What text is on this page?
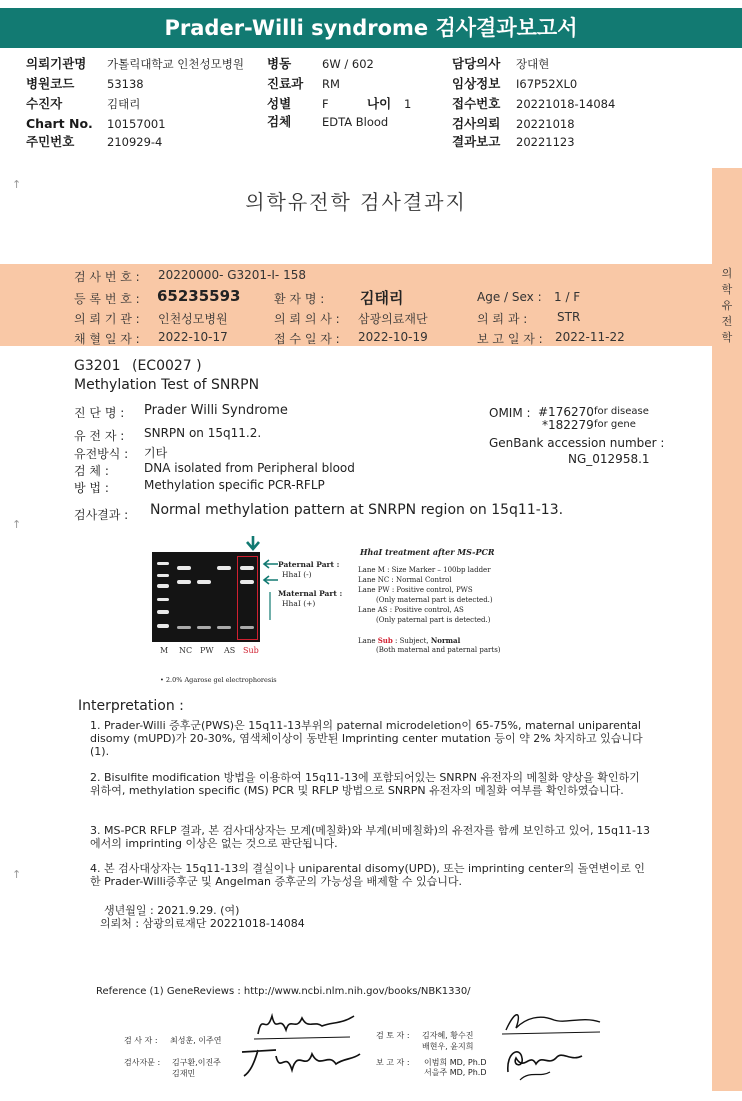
Prader-Willi syndrome 검사결과보고서
의뢰기관명 가톨릭대학교 인천성모병원 병동	6W / 602	담당의사 장대현
병원코드	53138	진료과 RM	임상정보 I67P52XL0
수진자	김태리	성별	F	나이 1	접수번호 20221018-14084
Chart No. 10157001	검체	EDTA Blood	검사의뢰 20221018
주민번호	210929-4	결과보고 20221123
↑
↑
↑
의학유전학 검사결과지
검 사 번 호 : 20220000- G3201-I- 158
등 록 번 호 : 65235593	환 자 명 : 김태리	Age / Sex : 1 / F
의 뢰 기 관 : 인천성모병원	의 뢰 의 사 : 삼광의료재단	의 뢰 과 : STR
채 혈 일 자 : 2022-10-17	접 수 일 자 : 2022-10-19	보 고 일 자 : 2022-11-22
의학유전학
G3201 (EC0027 )
Methylation Test of SNRPN
진 단 명 : Prader Willi Syndrome
유 전 자 : SNRPN on 15q11.2.
유전방식 : 기타
검 체 :	DNA isolated from Peripheral blood
방 법 :	Methylation specific PCR-RFLP
OMIM : #176270 for disease
*182279 for gene
GenBank accession number :
NG_012958.1
검사결과 : Normal methylation pattern at SNRPN region on 15q11-13.
M NC PW AS Sub
Paternal Part :
HhaI (-)
Maternal Part :
HhaI (+)
• 2.0% Agarose gel electrophoresis
HhaI treatment after MS-PCR
Lane M : Size Marker – 100bp ladder
Lane NC : Normal Control
Lane PW : Positive control, PWS
(Only maternal part is detected.)
Lane AS : Positive control, AS
(Only paternal part is detected.)
Lane Sub : Subject, Normal
(Both maternal and paternal parts)
Interpretation :
1. Prader-Willi 증후군(PWS)은 15q11-13부위의 paternal microdeletion이 65-75%, maternal uniparental disomy (mUPD)가 20-30%, 염색체이상이 동반된 Imprinting center mutation 등이 약 2% 차지하고 있습니다 (1).
2. Bisulfite modification 방법을 이용하여 15q11-13에 포함되어있는 SNRPN 유전자의 메칠화 양상을 확인하기 위하여, methylation specific (MS) PCR 및 RFLP 방법으로 SNRPN 유전자의 메칠화 여부를 확인하였습니다.
3. MS-PCR RFLP 결과, 본 검사대상자는 모계(메칠화)와 부계(비메칠화)의 유전자를 함께 보인하고 있어, 15q11-13에서의 imprinting 이상은 없는 것으로 판단됩니다.
4. 본 검사대상자는 15q11-13의 결실이나 uniparental disomy(UPD), 또는 imprinting center의 돌연변이로 인한 Prader-Willi증후군 및 Angelman 증후군의 가능성을 배제할 수 있습니다.
생년월일 : 2021.9.29. (여)
의뢰처 : 삼광의료재단 20221018-14084
Reference (1) GeneReviews : http://www.ncbi.nlm.nih.gov/books/NBK1330/
검 사 자 : 최성훈, 이주연
검 토 자 : 김자혜, 황수진
배현우, 윤지희
검사자문 : 김구환,이진주
김재민
보 고 자 : 이범희 MD, Ph.D
서을주 MD, Ph.D
